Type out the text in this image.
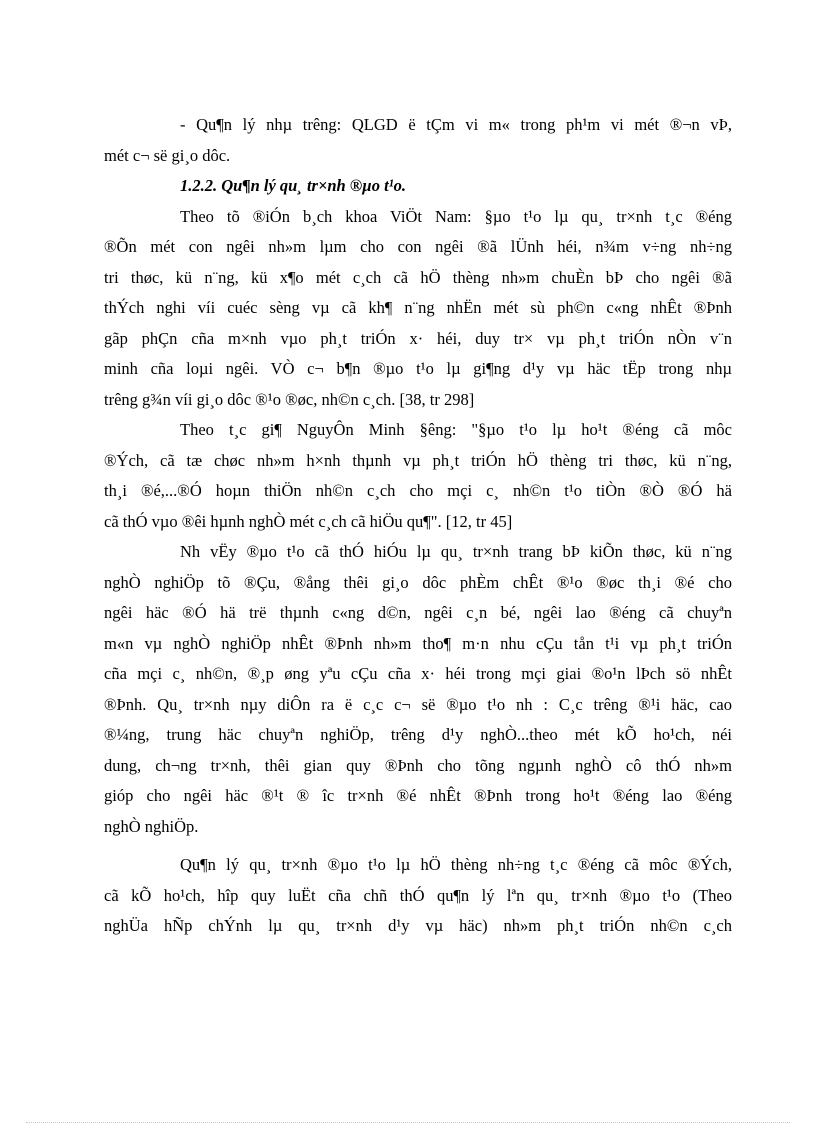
- Qu¶n lý nhµ trêng: QLGD ë tÇm vi m« trong ph¹m vi mét ®¬n vÞ,

mét c¬ së gi¸o dôc.

1.2.2. Qu¶n lý qu¸ tr×nh ®µo t¹o.

Theo tõ ®iÓn b¸ch khoa ViÖt Nam: §µo t¹o lµ qu¸ tr×nh t¸c ®éng

®Õn mét con ngêi nh»m lµm cho con ngêi ®ã lÜnh héi, n¾m v÷ng nh÷ng

tri thøc, kü n¨ng, kü x¶o mét c¸ch cã hÖ thèng nh»m chuÈn bÞ cho ngêi ®ã

thÝch nghi víi cuéc sèng vµ cã kh¶ n¨ng nhËn mét sù ph©n c«ng nhÊt ®Þnh

gãp phÇn cña m×nh vµo ph¸t triÓn x· héi, duy tr× vµ ph¸t triÓn nÒn v¨n

minh cña loµi ngêi. VÒ c¬ b¶n ®µo t¹o lµ gi¶ng d¹y vµ häc tËp trong nhµ

trêng g¾n víi gi¸o dôc ®¹o ®øc, nh©n c¸ch. [38, tr 298]

Theo t¸c gi¶ NguyÔn Minh §êng: "§µo t¹o lµ ho¹t ®éng cã môc

®Ých, cã tæ chøc nh»m h×nh thµnh vµ ph¸t triÓn hÖ thèng tri thøc, kü n¨ng,

th¸i ®é,...®Ó hoµn thiÖn nh©n c¸ch cho mçi c¸ nh©n t¹o tiÒn ®Ò ®Ó hä

cã thÓ vµo ®êi hµnh nghÒ mét c¸ch cã hiÖu qu¶". [12, tr 45]

Nh vËy ®µo t¹o cã thÓ hiÓu lµ qu¸ tr×nh trang bÞ kiÕn thøc, kü n¨ng

nghÒ nghiÖp tõ ®Çu, ®ång thêi gi¸o dôc phÈm chÊt ®¹o ®øc th¸i ®é cho

ngêi häc ®Ó hä trë thµnh c«ng d©n, ngêi c¸n bé, ngêi lao ®éng cã chuyªn

m«n vµ nghÒ nghiÖp nhÊt ®Þnh nh»m tho¶ m·n nhu cÇu tån t¹i vµ ph¸t triÓn

cña mçi c¸ nh©n, ®¸p øng yªu cÇu cña x· héi trong mçi giai ®o¹n lÞch sö nhÊt

®Þnh. Qu¸ tr×nh nµy diÔn ra ë c¸c c¬ së ®µo t¹o nh : C¸c trêng ®¹i häc, cao

®¼ng, trung häc chuyªn nghiÖp, trêng d¹y nghÒ...theo mét kÕ ho¹ch, néi

dung, ch¬ng tr×nh, thêi gian quy ®Þnh cho tõng ngµnh nghÒ cô thÓ nh»m

gióp cho ngêi häc ®¹t ® îc tr×nh ®é nhÊt ®Þnh trong ho¹t ®éng lao ®éng

nghÒ nghiÖp.

Qu¶n lý qu¸ tr×nh ®µo t¹o lµ hÖ thèng nh÷ng t¸c ®éng cã môc ®Ých,

cã kÕ ho¹ch, hîp quy luËt cña chñ thÓ qu¶n lý lªn qu¸ tr×nh ®µo t¹o (Theo

nghÜa hÑp chÝnh lµ qu¸ tr×nh d¹y vµ häc) nh»m ph¸t triÓn nh©n c¸ch
